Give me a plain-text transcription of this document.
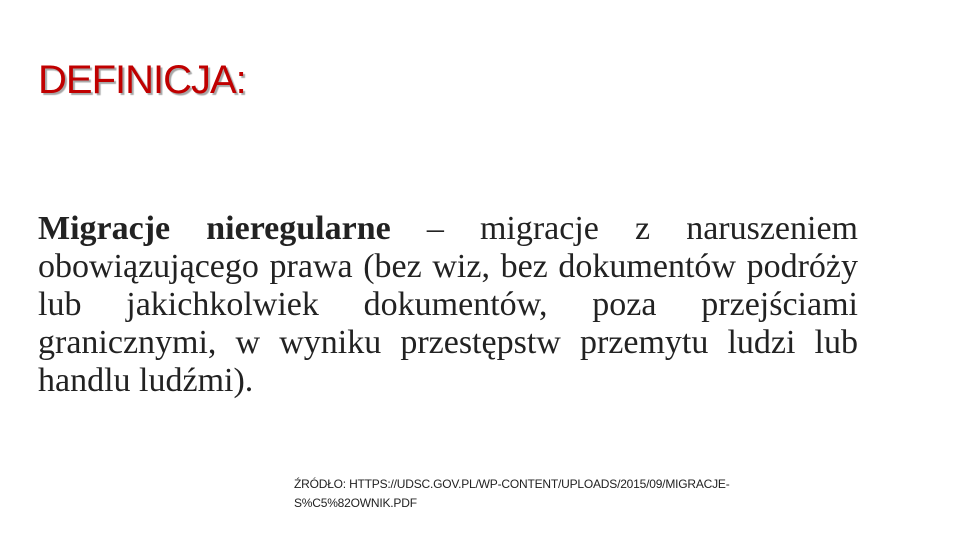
DEFINICJA:

Migracje nieregularne – migracje z naruszeniem obowiązującego prawa (bez wiz, bez dokumentów podróży lub jakichkolwiek dokumentów, poza przejściami granicznymi, w wyniku przestępstw przemytu ludzi lub handlu ludźmi).

ŹRÓDŁO: HTTPS://UDSC.GOV.PL/WP-CONTENT/UPLOADS/2015/09/MIGRACJE-
S%C5%82OWNIK.PDF
